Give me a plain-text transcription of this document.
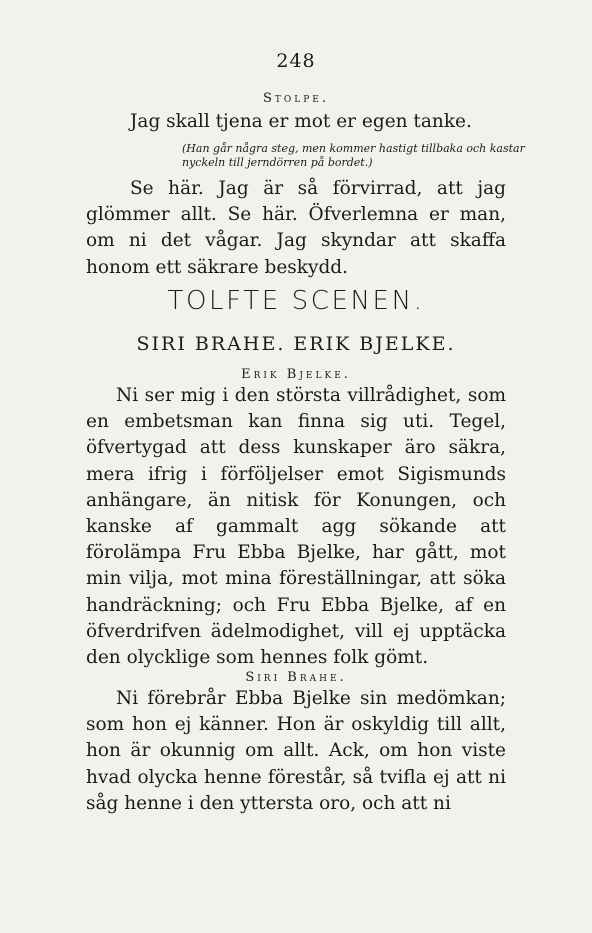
248
Stolpe.
Jag skall tjena er mot er egen tanke.
(Han går några steg, men kommer hastigt tillbaka och kastar nyckeln till jerndörren på bordet.)
Se här. Jag är så förvirrad, att jag glömmer allt. Se här. Öfverlemna er man, om ni det vågar. Jag skyndar att skaffa honom ett säkrare beskydd.
TOLFTE SCENEN.
SIRI BRAHE. ERIK BJELKE.
Erik Bjelke.
Ni ser mig i den största villrådighet, som en embetsman kan finna sig uti. Tegel, öfvertygad att dess kunskaper äro säkra, mera ifrig i förföljelser emot Sigismunds anhängare, än nitisk för Konungen, och kanske af gammalt agg sökande att förolämpa Fru Ebba Bjelke, har gått, mot min vilja, mot mina föreställningar, att söka handräckning; och Fru Ebba Bjelke, af en öfverdrifven ädelmodighet, vill ej upptäcka den olycklige som hennes folk gömt.
Siri Brahe.
Ni förebrår Ebba Bjelke sin medömkan; som hon ej känner. Hon är oskyldig till allt, hon är okunnig om allt. Ack, om hon viste hvad olycka henne förestår, så tvifla ej att ni såg henne i den yttersta oro, och att ni
